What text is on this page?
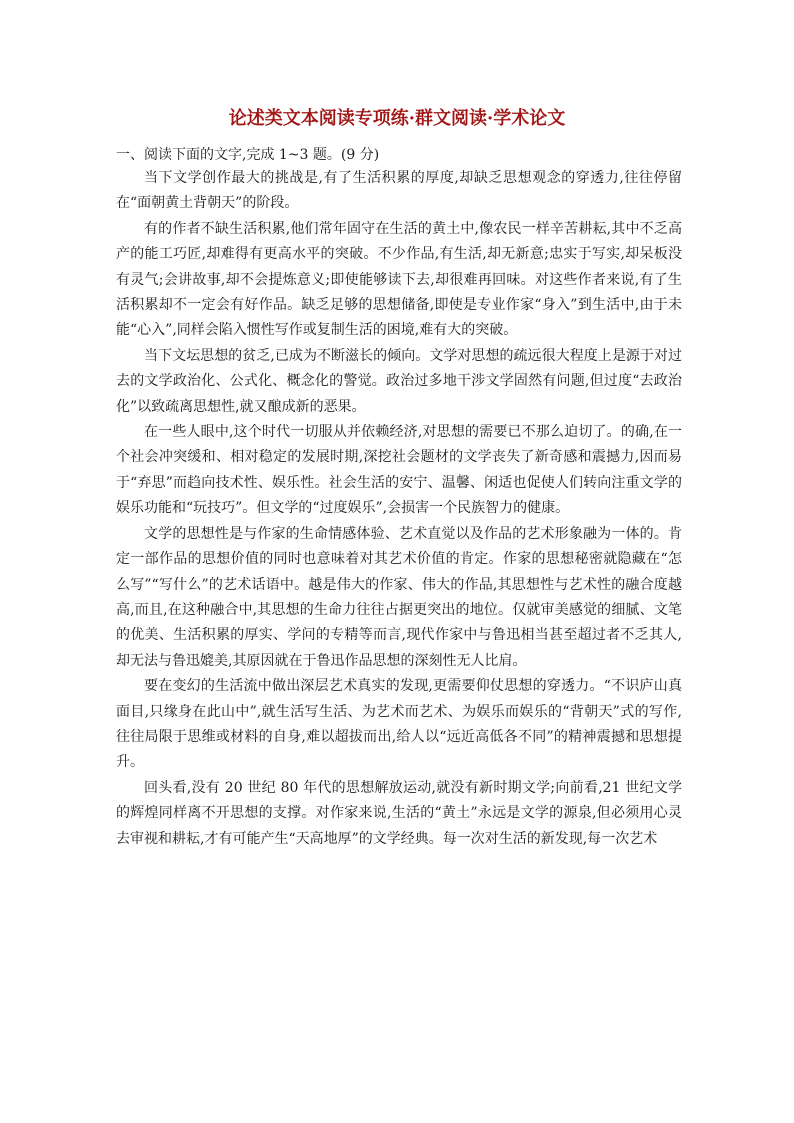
论述类文本阅读专项练·群文阅读·学术论文
一、阅读下面的文字,完成 1~3 题。(9 分)

当下文学创作最大的挑战是,有了生活积累的厚度,却缺乏思想观念的穿透力,往往停留在“面朝黄土背朝天”的阶段。

有的作者不缺生活积累,他们常年固守在生活的黄土中,像农民一样辛苦耕耘,其中不乏高产的能工巧匠,却难得有更高水平的突破。不少作品,有生活,却无新意;忠实于写实,却呆板没有灵气;会讲故事,却不会提炼意义;即使能够读下去,却很难再回味。对这些作者来说,有了生活积累却不一定会有好作品。缺乏足够的思想储备,即使是专业作家“身入”到生活中,由于未能“心入”,同样会陷入惯性写作或复制生活的困境,难有大的突破。

当下文坛思想的贫乏,已成为不断滋长的倾向。文学对思想的疏远很大程度上是源于对过去的文学政治化、公式化、概念化的警觉。政治过多地干涉文学固然有问题,但过度“去政治化”以致疏离思想性,就又酿成新的恶果。

在一些人眼中,这个时代一切服从并依赖经济,对思想的需要已不那么迫切了。的确,在一个社会冲突缓和、相对稳定的发展时期,深挖社会题材的文学丧失了新奇感和震撼力,因而易于“弃思”而趋向技术性、娱乐性。社会生活的安宁、温馨、闲适也促使人们转向注重文学的娱乐功能和“玩技巧”。但文学的“过度娱乐”,会损害一个民族智力的健康。

文学的思想性是与作家的生命情感体验、艺术直觉以及作品的艺术形象融为一体的。肯定一部作品的思想价值的同时也意味着对其艺术价值的肯定。作家的思想秘密就隐藏在“怎么写”“写什么”的艺术话语中。越是伟大的作家、伟大的作品,其思想性与艺术性的融合度越高,而且,在这种融合中,其思想的生命力往往占据更突出的地位。仅就审美感觉的细腻、文笔的优美、生活积累的厚实、学问的专精等而言,现代作家中与鲁迅相当甚至超过者不乏其人,却无法与鲁迅媲美,其原因就在于鲁迅作品思想的深刻性无人比肩。

要在变幻的生活流中做出深层艺术真实的发现,更需要仰仗思想的穿透力。“不识庐山真面目,只缘身在此山中”,就生活写生活、为艺术而艺术、为娱乐而娱乐的“背朝天”式的写作,往往局限于思维或材料的自身,难以超拔而出,给人以“远近高低各不同”的精神震撼和思想提升。

回头看,没有 20 世纪 80 年代的思想解放运动,就没有新时期文学;向前看,21 世纪文学的辉煌同样离不开思想的支撑。对作家来说,生活的“黄土”永远是文学的源泉,但必须用心灵去审视和耕耘,才有可能产生“天高地厚”的文学经典。每一次对生活的新发现,每一次艺术
